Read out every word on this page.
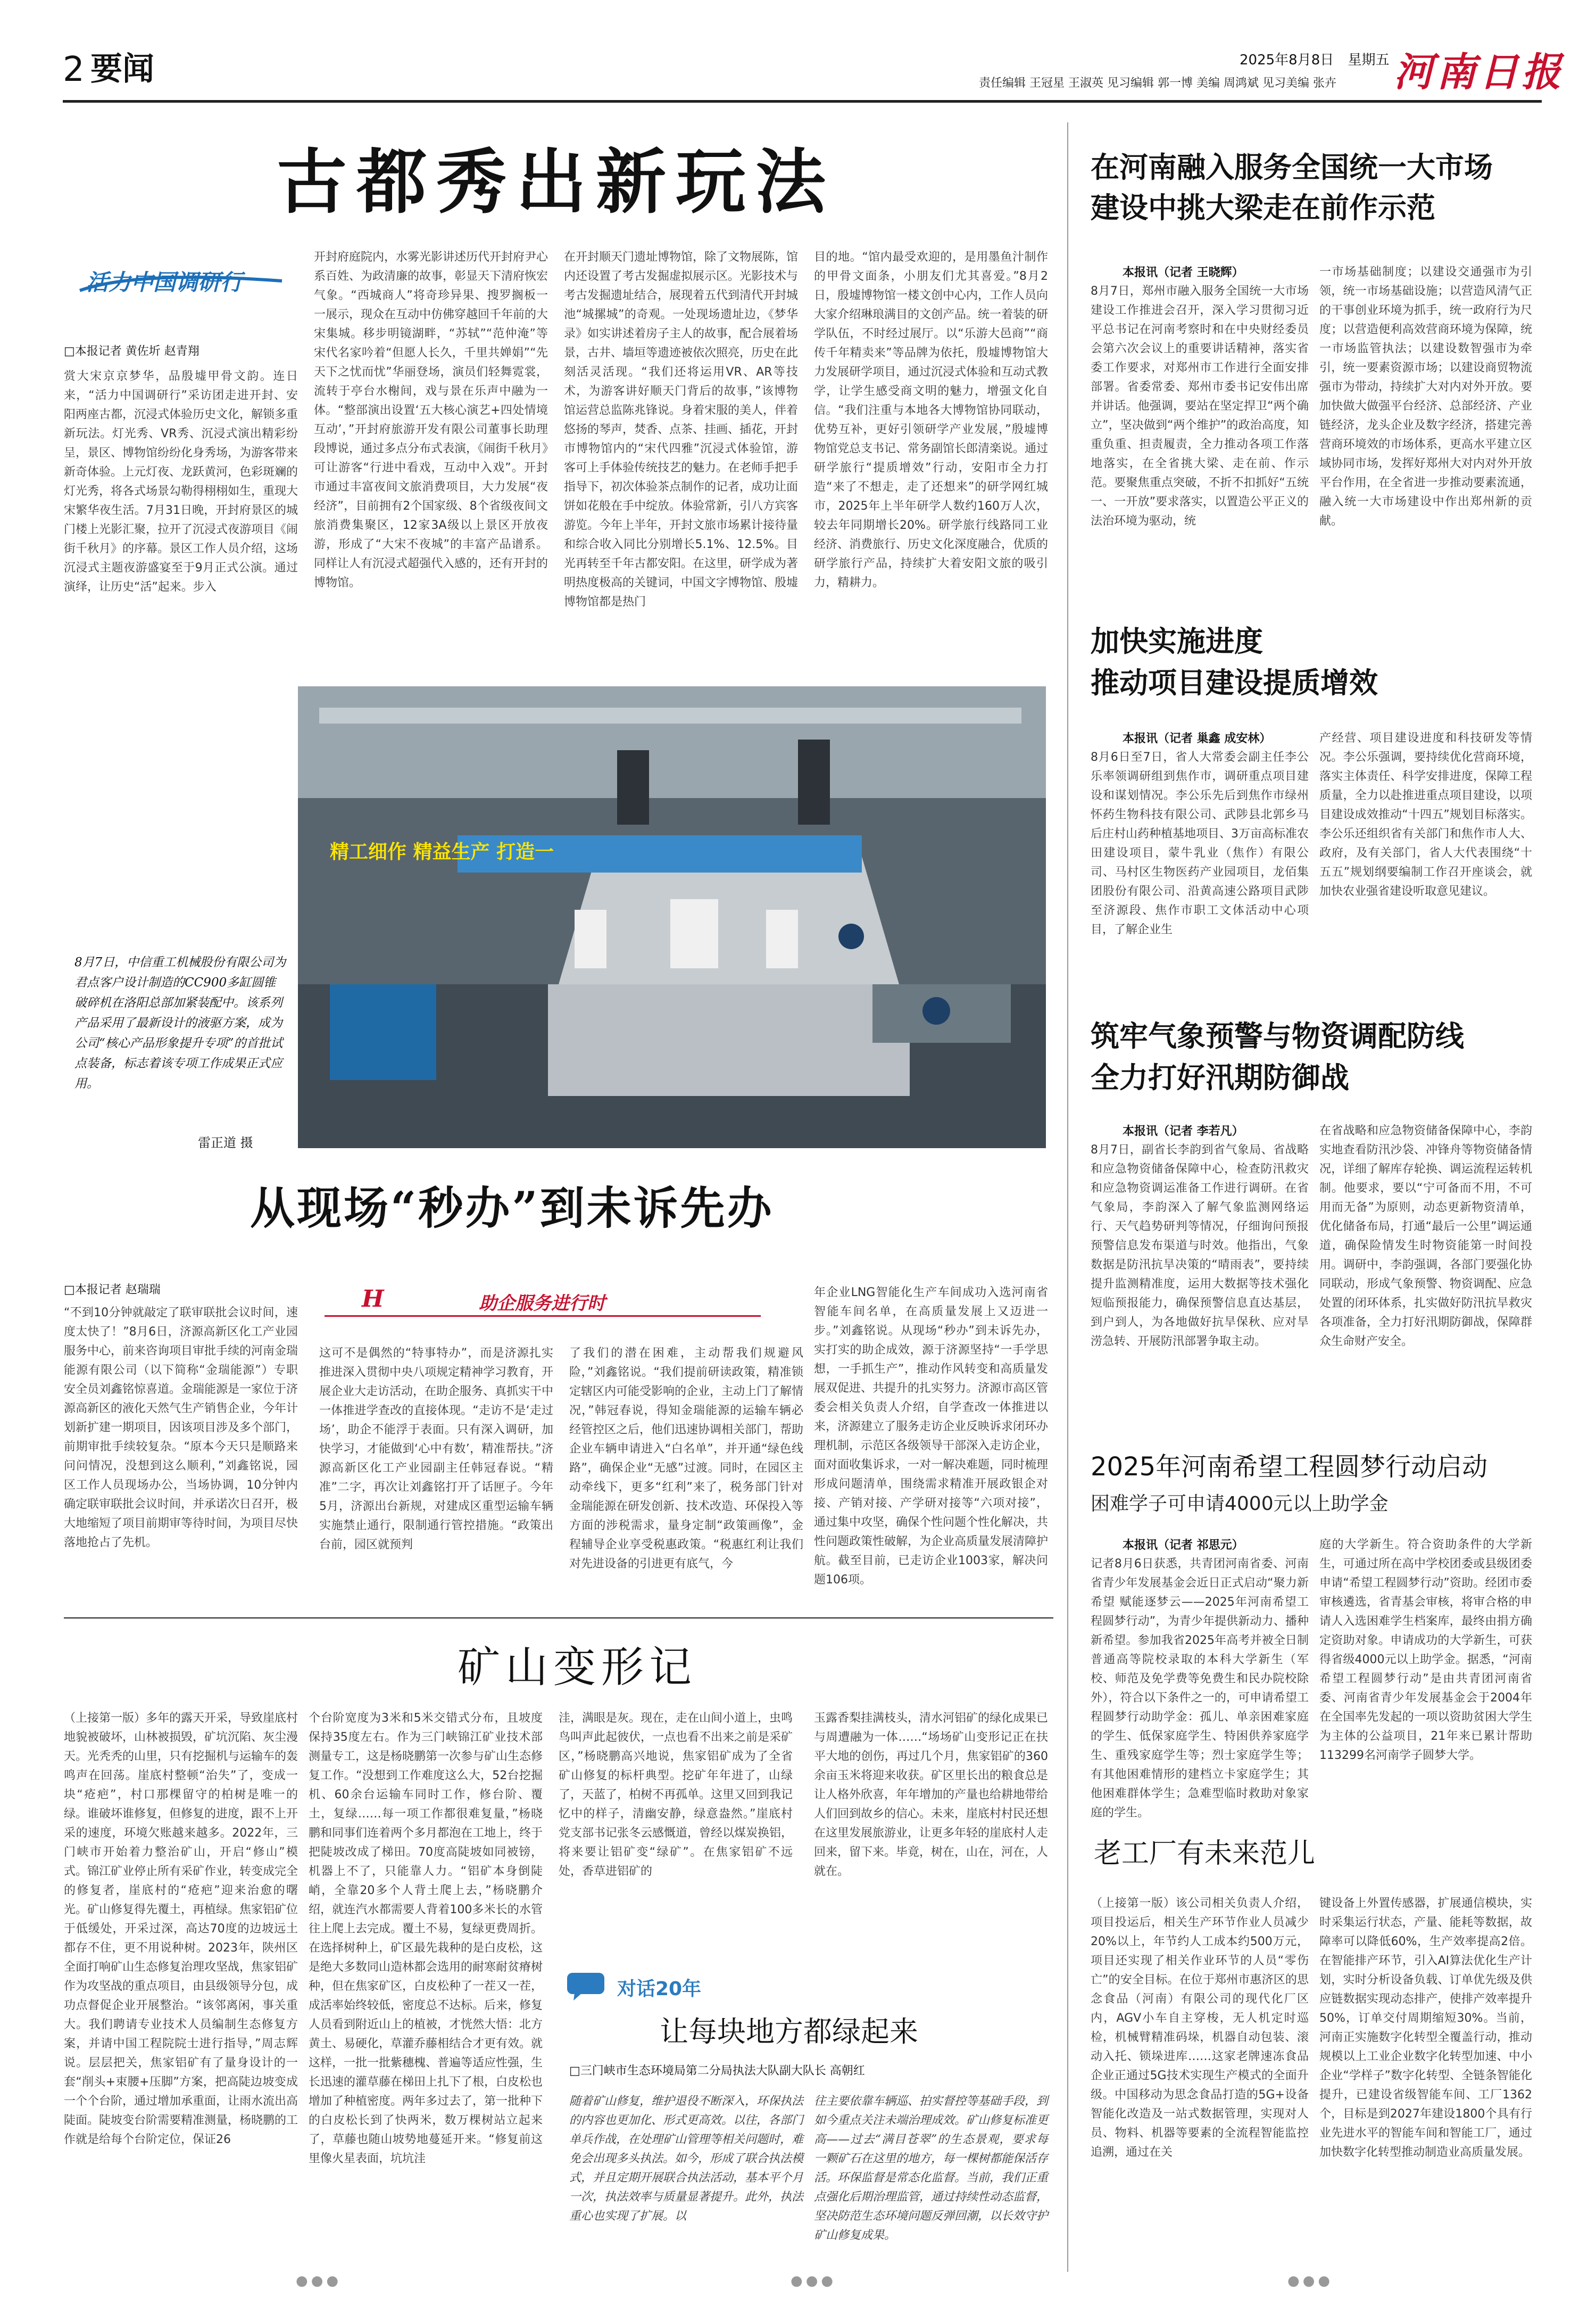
2 要闻	2025年8月8日 星期五
责任编辑 王冠星 王淑英 见习编辑 郭一博 美编 周鸿斌 见习美编 张卉	河南日报
古都秀出新玩法
活力中国调研行
□本报记者 黄佐圻 赵青翔
赏大宋京京梦华，品殷墟甲骨文韵。连日来，“活力中国调研行”采访团走进开封、安阳两座古都，沉浸式体验历史文化，解锁多重新玩法。灯光秀、VR秀、沉浸式演出精彩纷呈，景区、博物馆纷纷化身秀场，为游客带来新奇体验。上元灯夜、龙跃黄河，色彩斑斓的灯光秀，将各式场景勾勒得栩栩如生，重现大宋繁华夜生活。7月31日晚，开封府景区的城门楼上光影汇聚，拉开了沉浸式夜游项目《闹街千秋月》的序幕。景区工作人员介绍，这场沉浸式主题夜游盛宴至于9月正式公演。通过演绎，让历史“活”起来。步入
开封府庭院内，水雾光影讲述历代开封府尹心系百姓、为政清廉的故事，彰显天下清府恢宏气象。“西城商人”将奇珍异果、搜罗搁板一一展示，现众在互动中仿佛穿越回千年前的大宋集城。移步明镜湖畔，“苏轼”“范仲淹”等宋代名家吟着“但愿人长久，千里共婵娟”“先天下之忧而忧”华丽登场，演员们轻舞霓裳，流转于亭台水榭间，戏与景在乐声中融为一体。“整部演出设置‘五大核心演艺+四处情境互动’，”开封府旅游开发有限公司董事长助理段博说，通过多点分布式表演，《闹街千秋月》可让游客“行进中看戏，互动中入戏”。开封市通过丰富夜间文旅消费项目，大力发展“夜经济”，目前拥有2个国家级、8个省级夜间文旅消费集聚区，12家3A级以上景区开放夜游，形成了“大宋不夜城”的丰富产品谱系。同样让人有沉浸式超强代入感的，还有开封的博物馆。
在开封顺天门遗址博物馆，除了文物展陈，馆内还设置了考古发掘虚拟展示区。光影技术与考古发掘遗址结合，展现着五代到清代开封城池“城摞城”的奇观。一处现场遗址边，《梦华录》如实讲述着房子主人的故事，配合展着场景，古井、墙垣等遗迹被依次照亮，历史在此刻活灵活现。“我们还将运用VR、AR等技术，为游客讲好顺天门背后的故事，”该博物馆运营总监陈兆锋说。身着宋服的美人，伴着悠扬的琴声，焚香、点茶、挂画、插花，开封市博物馆内的“宋代四雅”沉浸式体验馆，游客可上手体验传统技艺的魅力。在老师手把手指导下，初次体验茶点制作的记者，成功让面饼如花般在手中绽放。体验常新，引八方宾客游览。今年上半年，开封文旅市场累计接待量和综合收入同比分别增长5.1%、12.5%。目光再转至千年古都安阳。在这里，研学成为著明热度极高的关键词，中国文字博物馆、殷墟博物馆都是热门
目的地。“馆内最受欢迎的，是用墨鱼汁制作的甲骨文面条，小朋友们尤其喜爱。”8月2日，殷墟博物馆一楼文创中心内，工作人员向大家介绍琳琅满目的文创产品。统一着装的研学队伍，不时经过展厅。以“乐游大邑商”“商传千年精卖来”等品牌为依托，殷墟博物馆大力发展研学项目，通过沉浸式体验和互动式教学，让学生感受商文明的魅力，增强文化自信。“我们注重与本地各大博物馆协同联动，优势互补，更好引领研学产业发展，”殷墟博物馆党总支书记、常务副馆长郎清楽说。通过研学旅行“提质增效”行动，安阳市全力打造“来了不想走，走了还想来”的研学网红城市，2025年上半年研学人数约160万人次，较去年同期增长20%。研学旅行线路同工业经济、消费旅行、历史文化深度融合，优质的研学旅行产品，持续扩大着安阳文旅的吸引力，精耕力。
精工细作 精益生产 打造一
8月7日，中信重工机械股份有限公司为君点客户设计制造的CC900多缸圆锥破碎机在洛阳总部加紧装配中。该系列产品采用了最新设计的液驱方案，成为公司“核心产品形象提升专项”的首批试点装备，标志着该专项工作成果正式应用。
雷正道 摄
从现场“秒办”到未诉先办
□本报记者 赵瑞瑞	H	助企服务进行时
“不到10分钟就敲定了联审联批会议时间，速度太快了！”8月6日，济源高新区化工产业园服务中心，前来咨询项目审批手续的河南金瑞能源有限公司（以下简称“金瑞能源”）专职安全员刘鑫铭惊喜道。金瑞能源是一家位于济源高新区的液化天然气生产销售企业，今年计划新扩建一期项目，因该项目涉及多个部门，前期审批手续较复杂。“原本今天只是顺路来问问情况，没想到这么顺利，”刘鑫铭说，园区工作人员现场办公，当场协调，10分钟内确定联审联批会议时间，并承诺次日召开，极大地缩短了项目前期审等待时间，为项目尽快落地抢占了先机。
这可不是偶然的“特事特办”，而是济源扎实推进深入贯彻中央八项规定精神学习教育，开展企业大走访活动，在助企服务、真抓实干中一体推进学查改的直接体现。“走访不是‘走过场’，助企不能浮于表面。只有深入调研，加快学习，才能做到‘心中有数’，精准帮扶。”济源高新区化工产业园副主任韩冠春说。“精准”二字，再次让刘鑫铭打开了话匣子。今年5月，济源出台新规，对建成区重型运输车辆实施禁止通行，限制通行管控措施。“政策出台前，园区就预判
了我们的潜在困难，主动帮我们规避风险，”刘鑫铭说。“我们提前研读政策，精准锁定辖区内可能受影响的企业，主动上门了解情况，”韩冠春说，得知金瑞能源的运输车辆必经管控区之后，他们迅速协调相关部门，帮助企业车辆申请进入“白名单”，并开通“绿色线路”，确保企业“无感”过渡。同时，在园区主动牵线下，更多“红利”来了，税务部门针对金瑞能源在研发创新、技术改造、环保投入等方面的涉税需求，量身定制“政策画像”，金程辅导企业享受税惠政策。“税惠红利让我们对先进设备的引进更有底气，今
年企业LNG智能化生产车间成功入选河南省智能车间名单，在高质量发展上又迈进一步。”刘鑫铭说。从现场“秒办”到未诉先办，实打实的助企成效，源于济源坚持“一手学思想，一手抓生产”，推动作风转变和高质量发展双促进、共提升的扎实努力。济源市高区管委会相关负责人介绍，自学查改一体推进以来，济源建立了服务走访企业反映诉求闭环办理机制，示范区各级领导干部深入走访企业，面对面收集诉求，一对一解决难题，同时梳理形成问题清单，围绕需求精准开展政银企对接、产销对接、产学研对接等“六项对接”，通过集中攻坚，确保个性问题个性化解决，共性问题政策性破解，为企业高质量发展清障护航。截至目前，已走访企业1003家，解决问题106项。
矿山变形记
（上接第一版）多年的露天开采，导致崖底村地貌被破坏，山林被损毁，矿坑沉陷、灰尘漫天。光秃秃的山里，只有挖掘机与运输车的轰鸣声在回荡。崖底村整顿“治失”了，变成一块“疮疤”，村口那棵留守的柏树是唯一的绿。谁破坏谁修复，但修复的进度，跟不上开采的速度，环境欠账越来越多。2022年，三门峡市开始着力整治矿山，开启“修山”模式。锦江矿业停止所有采矿作业，转变成完全的修复者，崖底村的“疮疤”迎来治愈的曙光。矿山修复得先覆土，再植绿。焦家铝矿位于低缓处，开采过深，高达70度的边坡远土都存不住，更不用说种树。2023年，陕州区全面打响矿山生态修复治理攻坚战，焦家铝矿作为攻坚战的重点项目，由县级领导分包，成功点督促企业开展整治。“该邻离闲，事关重大。我们聘请专业技术人员编制生态修复方案，并请中国工程院院士进行指导，”周志辉说。层层把关，焦家铝矿有了量身设计的一套“削头+束腰+压脚”方案，把高陡边坡变成一个个台阶，通过增加承重面，让雨水流出高陡面。陡坡变台阶需要精准测量，杨晓鹏的工作就是给每个台阶定位，保证26
个台阶宽度为3米和5米交错式分布，且坡度保持35度左右。作为三门峡锦江矿业技术部测量专工，这是杨晓鹏第一次参与矿山生态修复工作。“没想到工作难度这么大，52台挖掘机、60余台运输车同时工作，修台阶、覆土，复绿……每一项工作都很难复量，”杨晓鹏和同事们连着两个多月都泡在工地上，终于把陡坡改成了梯田。70度高陡坡如同被镑，机器上不了，只能靠人力。“铝矿本身倒陡峭，全靠20多个人背土爬上去，”杨晓鹏介绍，就连汽水都需要人背着100多米长的水管往上爬上去完成。覆土不易，复绿更费周折。在选择树种上，矿区最先栽种的是白皮松，这是绝大多数同山造林都会选用的耐寒耐贫瘠树种，但在焦家矿区，白皮松种了一茬又一茬，成活率始终较低，密度总不达标。后来，修复人员看到附近山上的植被，才恍然大悟：北方黄土、易硬化，草灌乔藤相结合才更有效。就这样，一批一批紫穗槐、普遍等适应性强，生长迅速的灌草藤在梯田上扎下了根，白皮松也增加了种植密度。两年多过去了，第一批种下的白皮松长到了快两米，数万棵树站立起来了，草藤也随山坡势地蔓延开来。“修复前这里像火星表面，坑坑洼
洼，满眼是灰。现在，走在山间小道上，虫鸣鸟叫声此起彼伏，一点也看不出来之前是采矿区，”杨晓鹏高兴地说，焦家铝矿成为了全省矿山修复的标杆典型。挖矿年年进了，山绿了，天蓝了，柏树不再孤单。这里又回到我记忆中的样子，清幽安静，绿意盎然。”崖底村党支部书记张冬云感慨道，曾经以煤炭换铝，将来要让铝矿变“绿矿”。在焦家铝矿不远处，香草进铝矿的
玉露香梨挂满枝头，清水河铝矿的绿化成果已与周遭融为一体……“场场矿山变形记正在扶平大地的创伤，再过几个月，焦家铝矿的360余亩玉米将迎来收获。矿区里长出的粮食总是让人格外欣喜，年年增加的产量也给耕地带给人们回到故乡的信心。未来，崖底村村民还想在这里发展旅游业，让更多年轻的崖底村人走回来，留下来。毕竟，树在，山在，河在，人就在。
对话20年
让每块地方都绿起来
□三门峡市生态环境局第二分局执法大队副大队长 高朝红
随着矿山修复，维护退役不断深入，环保执法的内容也更加化、形式更高效。以往，各部门单兵作战，在处理矿山管理等相关问题时，难免会出现多头执法。如今，形成了联合执法模式，并且定期开展联合执法活动，基本平个月一次，执法效率与质量显著提升。此外，执法重心也实现了扩展。以
往主要依靠车辆巡、拍实督控等基础手段，到如今重点关注未端治理成效。矿山修复标准更高——过去“满目苍翠”的生态景观，要求每一颗矿石在这里的地方，每一棵树都能保活存活。环保监督是常态化监督。当前，我们正重点强化后期治理监管，通过持续性动态监督，坚决防范生态环境问题反弹回潮，以长效守护矿山修复成果。
在河南融入服务全国统一大市场
建设中挑大梁走在前作示范
本报讯（记者 王晓辉）
8月7日，郑州市融入服务全国统一大市场建设工作推进会召开，深入学习贯彻习近平总书记在河南考察时和在中央财经委员会第六次会议上的重要讲话精神，落实省委工作要求，对郑州市工作进行全面安排部署。省委常委、郑州市委书记安伟出席并讲话。他强调，要站在坚定捍卫“两个确立”，坚决做到“两个维护”的政治高度，知重负重、担责履责，全力推动各项工作落地落实，在全省挑大梁、走在前、作示范。要聚焦重点突破，不折不扣抓好“五统一、一开放”要求落实，以置造公平正义的法治环境为驱动，统
一市场基础制度；以建设交通强市为引领，统一市场基础设施；以营造风清气正的干事创业环境为抓手，统一政府行为尺度；以营造便利高效营商环境为保障，统一市场监管执法；以建设数智强市为牵引，统一要素资源市场；以建设商贸物流强市为带动，持续扩大对内对外开放。要加快做大做强平台经济、总部经济、产业链经济，龙头企业及数字经济，搭建完善营商环境效的市场体系，更高水平建立区域协同市场，发挥好郑州大对内对外开放平台作用，在全省进一步推动要素流通，融入统一大市场建设中作出郑州新的贡献。
加快实施进度
推动项目建设提质增效
本报讯（记者 巢鑫 成安林）
8月6日至7日，省人大常委会副主任李公乐率领调研组到焦作市，调研重点项目建设和谋划情况。李公乐先后到焦作市绿州怀药生物科技有限公司、武陟县北郭乡马后庄村山药种植基地项目、3万亩高标准农田建设项目，蒙牛乳业（焦作）有限公司、马村区生物医药产业园项目，龙佰集团股份有限公司、沿黄高速公路项目武陟至济源段、焦作市职工文体活动中心项目，了解企业生
产经营、项目建设进度和科技研发等情况。李公乐强调，要持续优化营商环境，落实主体责任、科学安排进度，保障工程质量，全力以赴推进重点项目建设，以项目建设成效推动“十四五”规划目标落实。李公乐还组织省有关部门和焦作市人大、政府，及有关部门，省人大代表围绕“十五五”规划纲要编制工作召开座谈会，就加快农业强省建设听取意见建议。
筑牢气象预警与物资调配防线
全力打好汛期防御战
本报讯（记者 李若凡）
8月7日，副省长李韵到省气象局、省战略和应急物资储备保障中心，检查防汛救灾和应急物资调运准备工作进行调研。在省气象局，李韵深入了解气象监测网络运行、天气趋势研判等情况，仔细询问预报预警信息发布渠道与时效。他指出，气象数据是防汛抗旱决策的“晴雨表”，要持续提升监测精准度，运用大数据等技术强化短临预报能力，确保预警信息直达基层，到户到人，为各地做好抗旱保秋、应对旱涝急转、开展防汛部署争取主动。
在省战略和应急物资储备保障中心，李韵实地查看防汛沙袋、冲锋舟等物资储备情况，详细了解库存轮换、调运流程运转机制。他要求，要以“宁可备而不用，不可用而无备”为原则，动态更新物资清单，优化储备布局，打通“最后一公里”调运通道，确保险情发生时物资能第一时间投用。调研中，李韵强调，各部门要强化协同联动，形成气象预警、物资调配、应急处置的闭环体系，扎实做好防汛抗旱救灾各项准备，全力打好汛期防御战，保障群众生命财产安全。
2025年河南希望工程圆梦行动启动
困难学子可申请4000元以上助学金
本报讯（记者 祁思元）
记者8月6日获悉，共青团河南省委、河南省青少年发展基金会近日正式启动“聚力新希望 赋能逐梦云——2025年河南希望工程圆梦行动”，为青少年提供新动力、播种新希望。参加我省2025年高考并被全日制普通高等院校录取的本科大学新生（军校、师范及免学费等免费生和民办院校除外），符合以下条件之一的，可申请希望工程圆梦行动助学金：孤儿、单亲困难家庭的学生、低保家庭学生、特困供养家庭学生、重残家庭学生等；烈士家庭学生等；有其他困难情形的建档立卡家庭学生；其他困难群体学生；急难型临时救助对象家庭的学生。
庭的大学新生。符合资助条件的大学新生，可通过所在高中学校团委或县级团委申请“希望工程圆梦行动”资助。经团市委审核遴选，省青基会审核，将审合格的申请人入选困难学生档案库，最终由捐方确定资助对象。申请成功的大学新生，可获得省级4000元以上助学金。据悉，“河南希望工程圆梦行动”是由共青团河南省委、河南省青少年发展基金会于2004年在全国率先发起的一项以资助贫困大学生为主体的公益项目，21年来已累计帮助113299名河南学子圆梦大学。
老工厂有未来范儿
（上接第一版）该公司相关负责人介绍，项目投运后，相关生产环节作业人员减少20%以上，年节约人工成本约500万元，项目还实现了相关作业环节的人员“零伤亡”的安全目标。在位于郑州市惠济区的思念食品（河南）有限公司的现代化厂区内，AGV小车自主穿梭，无人机定时巡检，机械臂精准码垛，机器自动包装、滚动入托、锁垛进库……这家老牌速冻食品企业正通过5G技术实现生产模式的全面升级。中国移动为思念食品打造的5G+设备智能化改造及一站式数据管理，实现对人员、物料、机器等要素的全流程智能监控追溯，通过在关
键设备上外置传感器，扩展通信模块，实时采集运行状态，产量、能耗等数据，故障率可以降低60%，生产效率提高2倍。在智能排产环节，引入AI算法优化生产计划，实时分析设备负载、订单优先级及供应链数据实现动态排产，使排产效率提升50%，订单交付周期缩短30%。当前，河南正实施数字化转型全覆盖行动，推动规模以上工业企业数字化转型加速、中小企业“学样子”数字化转型、全链条智能化提升，已建设省级智能车间、工厂1362个，目标是到2027年建设1800个具有行业先进水平的智能车间和智能工厂，通过加快数字化转型推动制造业高质量发展。
●●●	●●●	●●●
